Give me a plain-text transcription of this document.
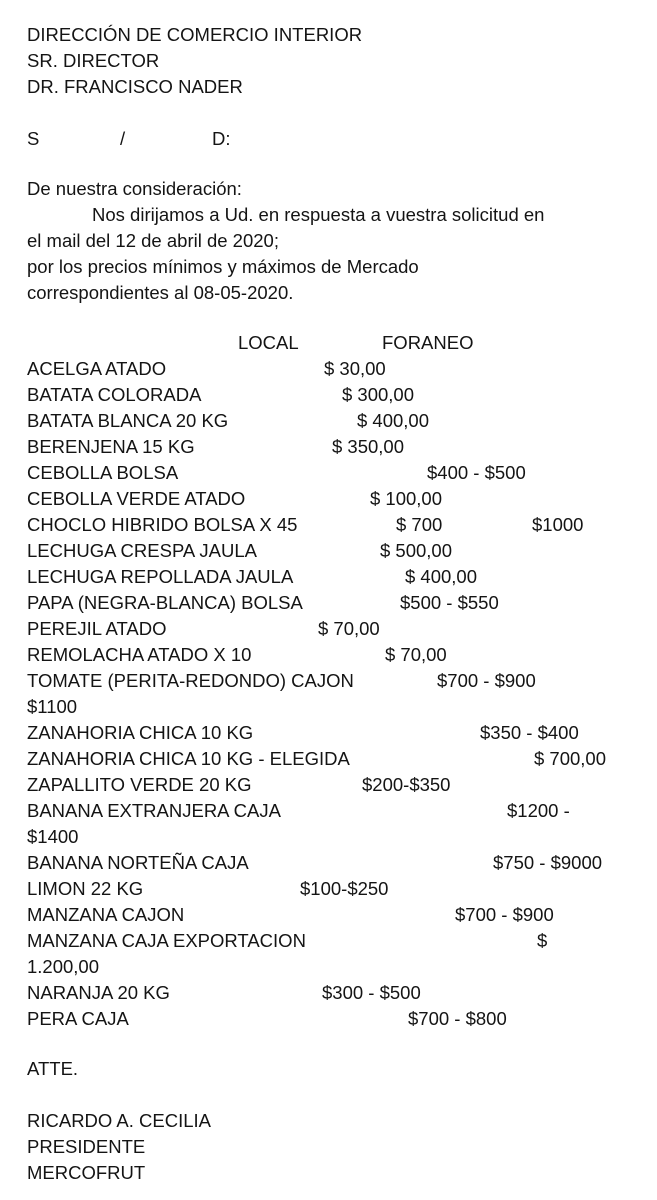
DIRECCIÓN DE COMERCIO INTERIOR
SR. DIRECTOR
DR. FRANCISCO NADER
S	/	D:
De nuestra consideración:
Nos dirijamos a Ud. en respuesta a vuestra solicitud en
el mail del 12 de abril de 2020;
por los precios mínimos y máximos de Mercado
correspondientes al 08-05-2020.
LOCAL	FORANEO
ACELGA ATADO	$ 30,00
BATATA COLORADA	$ 300,00
BATATA BLANCA 20 KG	$ 400,00
BERENJENA 15 KG	$ 350,00
CEBOLLA BOLSA	$400 - $500
CEBOLLA VERDE ATADO	$ 100,00
CHOCLO HIBRIDO BOLSA X 45	$ 700	$1000
LECHUGA CRESPA JAULA	$ 500,00
LECHUGA REPOLLADA JAULA	$ 400,00
PAPA (NEGRA-BLANCA) BOLSA	$500 - $550
PEREJIL ATADO	$ 70,00
REMOLACHA ATADO X 10	$ 70,00
TOMATE (PERITA-REDONDO) CAJON	$700 - $900
$1100
ZANAHORIA CHICA 10 KG	$350 - $400
ZANAHORIA CHICA 10 KG - ELEGIDA	$ 700,00
ZAPALLITO VERDE 20 KG	$200-$350
BANANA EXTRANJERA CAJA	$1200 -
$1400
BANANA NORTEÑA CAJA	$750 - $9000
LIMON 22 KG	$100-$250
MANZANA CAJON	$700 - $900
MANZANA CAJA EXPORTACION	$
1.200,00
NARANJA 20 KG	$300 - $500
PERA CAJA	$700 - $800
ATTE.
RICARDO A. CECILIA
PRESIDENTE
MERCOFRUT
